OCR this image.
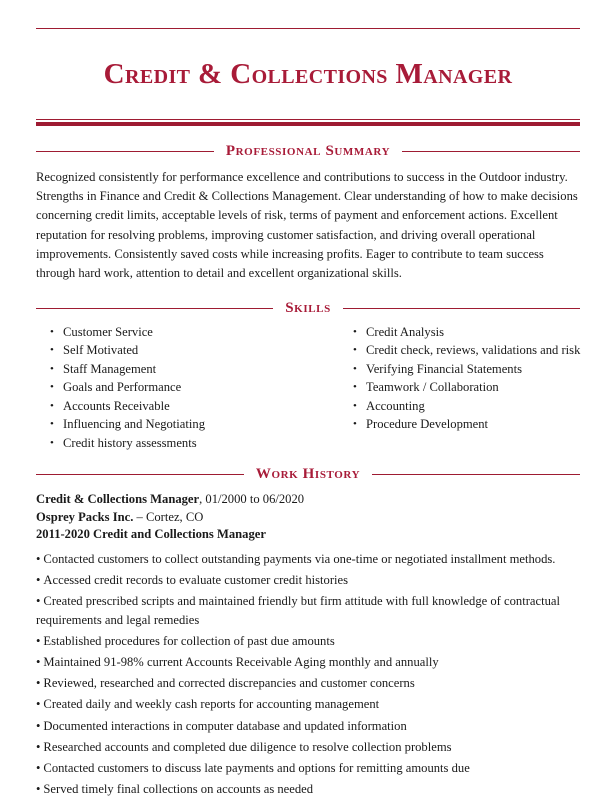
Credit & Collections Manager
Professional Summary

Recognized consistently for performance excellence and contributions to success in the Outdoor industry. Strengths in Finance and Credit & Collections Management. Clear understanding of how to make decisions concerning credit limits, acceptable levels of risk, terms of payment and enforcement actions. Excellent reputation for resolving problems, improving customer satisfaction, and driving overall operational improvements. Consistently saved costs while increasing profits. Eager to contribute to team success through hard work, attention to detail and excellent organizational skills.

Skills
• Customer Service
• Self Motivated
• Staff Management
• Goals and Performance
• Accounts Receivable
• Influencing and Negotiating
• Credit history assessments
• Credit Analysis
• Credit check, reviews, validations and risk
• Verifying Financial Statements
• Teamwork / Collaboration
• Accounting
• Procedure Development
Work History
Credit & Collections Manager, 01/2000 to 06/2020
Osprey Packs Inc. – Cortez, CO
2011-2020 Credit and Collections Manager
• Contacted customers to collect outstanding payments via one-time or negotiated installment methods.
• Accessed credit records to evaluate customer credit histories
• Created prescribed scripts and maintained friendly but firm attitude with full knowledge of contractual requirements and legal remedies
• Established procedures for collection of past due amounts
• Maintained 91-98% current Accounts Receivable Aging monthly and annually
• Reviewed, researched and corrected discrepancies and customer concerns
• Created daily and weekly cash reports for accounting management
• Documented interactions in computer database and updated information
• Researched accounts and completed due diligence to resolve collection problems
• Contacted customers to discuss late payments and options for remitting amounts due
• Served timely final collections on accounts as needed
